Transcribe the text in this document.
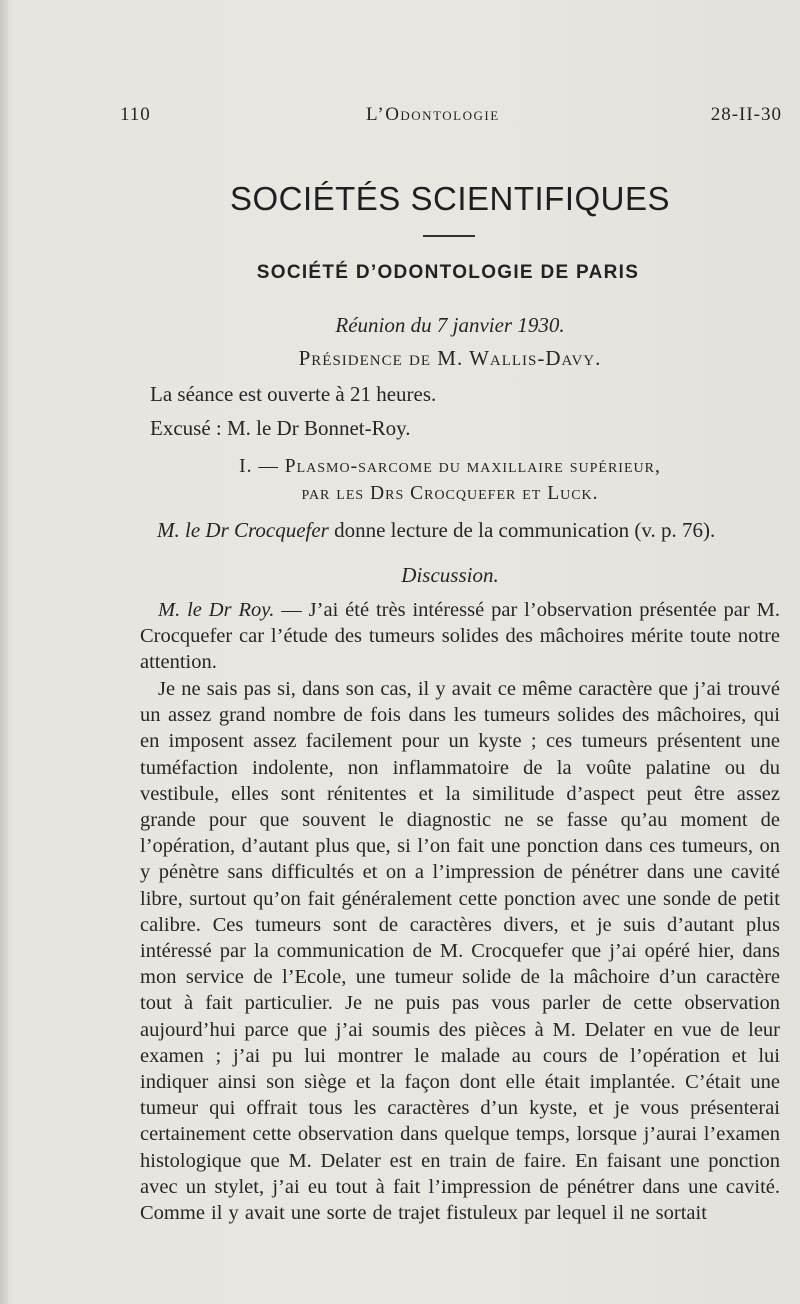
110	L’Odontologie	28-II-30
SOCIÉTÉS SCIENTIFIQUES
SOCIÉTÉ D’ODONTOLOGIE DE PARIS
Réunion du 7 janvier 1930.
Présidence de M. Wallis-Davy.
La séance est ouverte à 21 heures.
Excusé : M. le Dr Bonnet-Roy.
I. — Plasmo-sarcome du maxillaire supérieur,
par les Drs Crocquefer et Luck.
M. le Dr Crocquefer donne lecture de la communication (v. p. 76).
Discussion.
M. le Dr Roy. — J’ai été très intéressé par l’observation présentée par M. Crocquefer car l’étude des tumeurs solides des mâchoires mérite toute notre attention.
Je ne sais pas si, dans son cas, il y avait ce même caractère que j’ai trouvé un assez grand nombre de fois dans les tumeurs solides des mâchoires, qui en imposent assez facilement pour un kyste ; ces tumeurs présentent une tuméfaction indolente, non inflammatoire de la voûte palatine ou du vestibule, elles sont rénitentes et la similitude d’aspect peut être assez grande pour que souvent le diagnostic ne se fasse qu’au moment de l’opération, d’autant plus que, si l’on fait une ponction dans ces tumeurs, on y pénètre sans difficultés et on a l’impression de pénétrer dans une cavité libre, surtout qu’on fait généralement cette ponction avec une sonde de petit calibre. Ces tumeurs sont de caractères divers, et je suis d’autant plus intéressé par la communication de M. Crocquefer que j’ai opéré hier, dans mon service de l’Ecole, une tumeur solide de la mâchoire d’un caractère tout à fait particulier. Je ne puis pas vous parler de cette observation aujourd’hui parce que j’ai soumis des pièces à M. Delater en vue de leur examen ; j’ai pu lui montrer le malade au cours de l’opération et lui indiquer ainsi son siège et la façon dont elle était implantée. C’était une tumeur qui offrait tous les caractères d’un kyste, et je vous présenterai certainement cette observation dans quelque temps, lorsque j’aurai l’examen histologique que M. Delater est en train de faire. En faisant une ponction avec un stylet, j’ai eu tout à fait l’impression de pénétrer dans une cavité. Comme il y avait une sorte de trajet fistuleux par lequel il ne sortait
